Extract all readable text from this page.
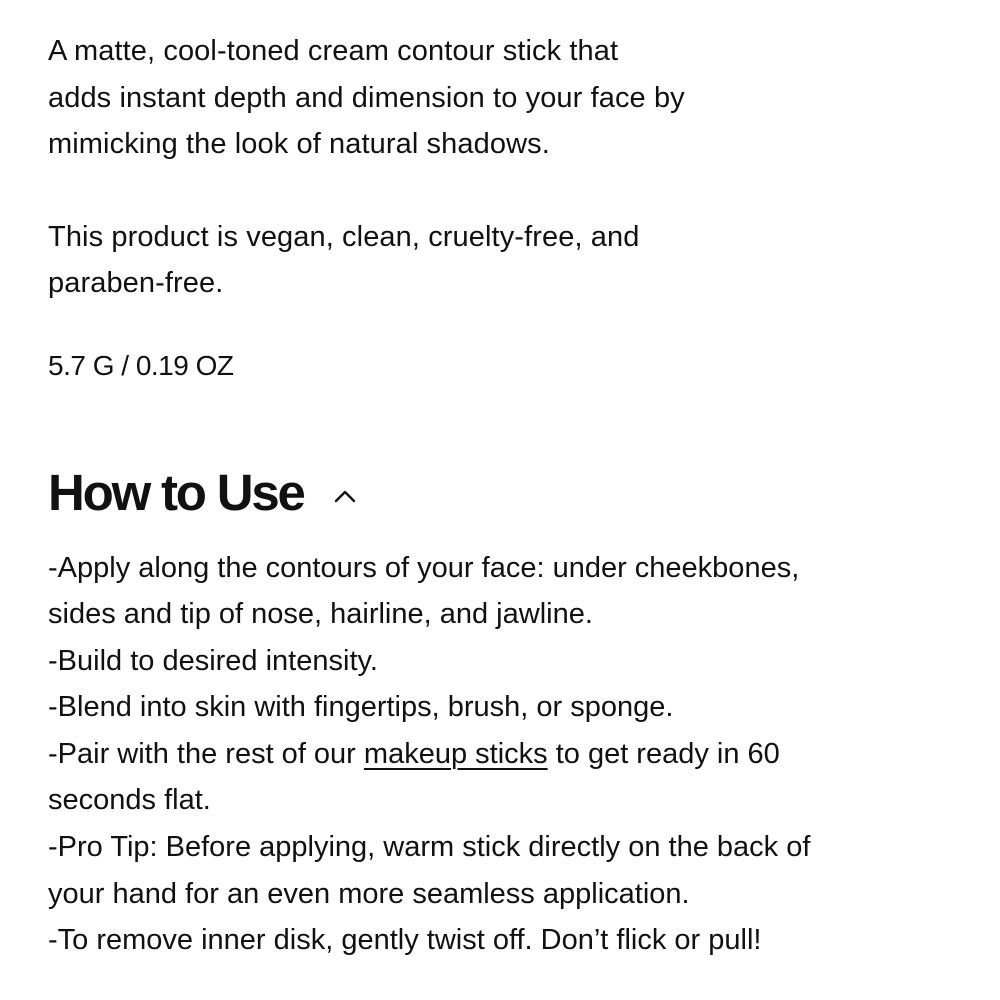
A matte, cool-toned cream contour stick that
adds instant depth and dimension to your face by
mimicking the look of natural shadows.

This product is vegan, clean, cruelty-free, and
paraben-free.

5.7 G / 0.19 OZ

How to Use
-Apply along the contours of your face: under cheekbones,
sides and tip of nose, hairline, and jawline.
-Build to desired intensity.
-Blend into skin with fingertips, brush, or sponge.
-Pair with the rest of our makeup sticks to get ready in 60
seconds flat.
-Pro Tip: Before applying, warm stick directly on the back of
your hand for an even more seamless application.
-To remove inner disk, gently twist off. Don’t flick or pull!
